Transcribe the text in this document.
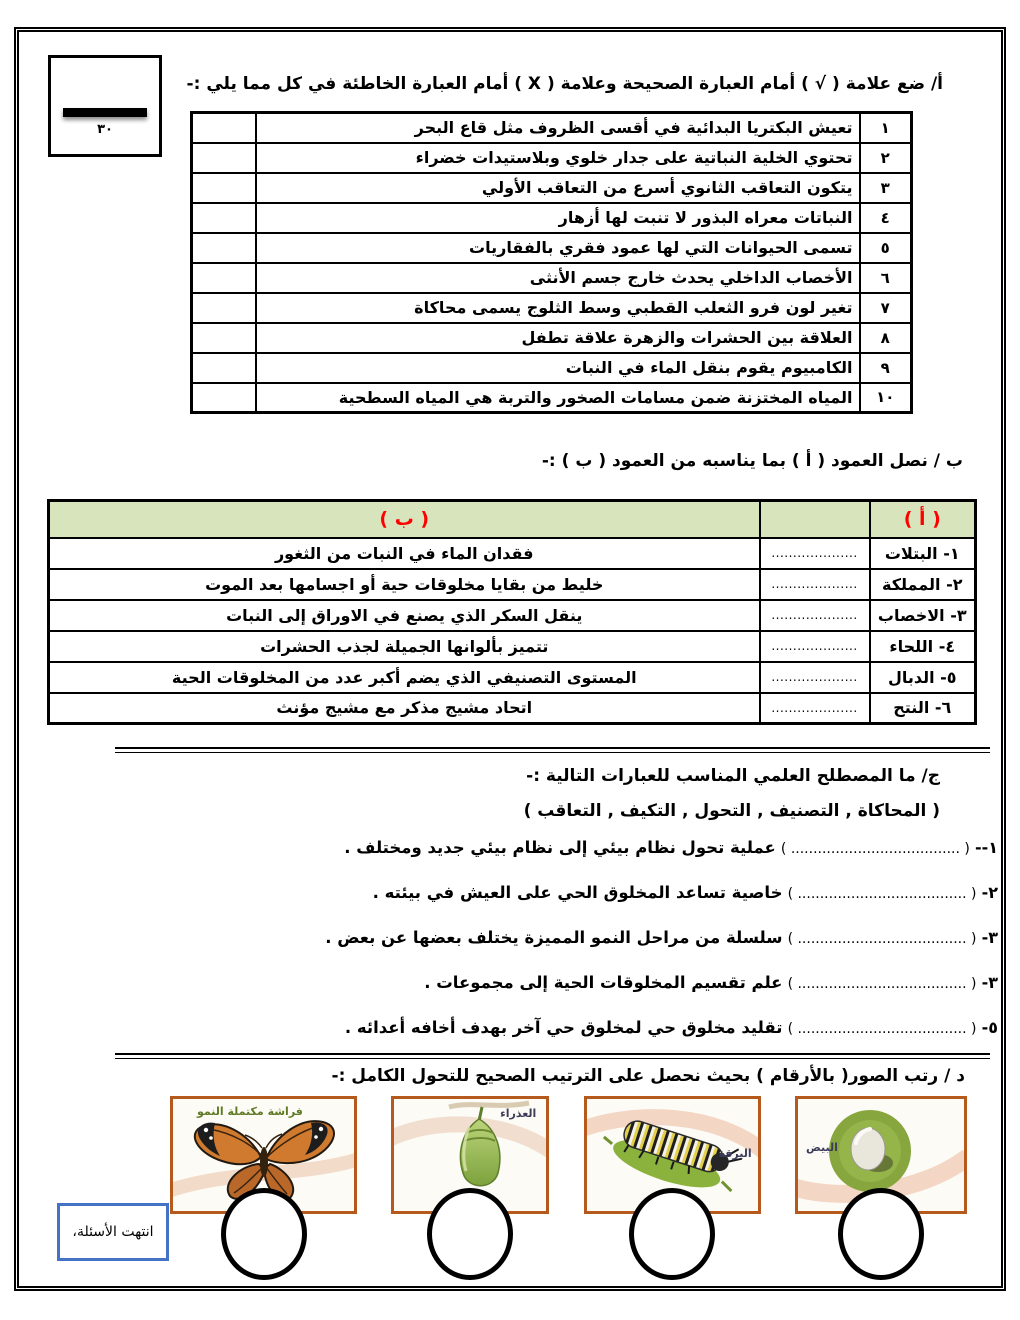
٣٠
أ/ ضع علامة ( √ ) أمام العبارة الصحيحة وعلامة ( X ) أمام العبارة الخاطئة في كل مما يلي :-
١	تعيش البكتريا البدائية في أقسى الظروف مثل قاع البحر	
٢	تحتوي الخلية النباتية على جدار خلوي وبلاستيدات خضراء	
٣	يتكون التعاقب الثانوي أسرع من التعاقب الأولي	
٤	النباتات معراه البذور لا تنبت لها أزهار	
٥	تسمى الحيوانات التي لها عمود فقري بالفقاريات	
٦	الأخصاب الداخلي يحدث خارج جسم الأنثى	
٧	تغير لون فرو الثعلب القطبي وسط الثلوج يسمى محاكاة	
٨	العلاقة بين الحشرات والزهرة علاقة تطفل	
٩	الكامبيوم يقوم بنقل الماء في النبات	
١٠	المياه المختزنة ضمن مسامات الصخور والتربة هي المياه السطحية	
ب / نصل العمود ( أ ) بما يناسبه من العمود ( ب ) :-
( أ )		( ب )
١- البتلات	....................	فقدان الماء في النبات من الثغور
٢- المملكة	....................	خليط من بقايا مخلوقات حية أو اجسامها بعد الموت
٣- الاخصاب	....................	ينقل السكر الذي يصنع في الاوراق إلى النبات
٤- اللحاء	....................	تتميز بألوانها الجميلة لجذب الحشرات
٥- الدبال	....................	المستوى التصنيفي الذي يضم أكبر عدد من المخلوقات الحية
٦- النتح	....................	اتحاد مشيج مذكر مع مشيج مؤنث
ج/ ما المصطلح العلمي المناسب للعبارات التالية :-
( المحاكاة , التصنيف , التحول , التكيف , التعاقب )
١-- ( ...................................... ) عملية تحول نظام بيئي إلى نظام بيئي جديد ومختلف .
٢- ( ...................................... ) خاصية تساعد المخلوق الحي على العيش في بيئته .
٣- ( ...................................... ) سلسلة من مراحل النمو المميزة يختلف بعضها عن بعض .
٣- ( ...................................... ) علم تقسيم المخلوقات الحية إلى مجموعات .
٥- ( ...................................... ) تقليد مخلوق حي لمخلوق حي آخر بهدف أخافه أعدائه .
د / رتب الصور( بالأرقام ) بحيث نحصل على الترتيب الصحيح للتحول الكامل :-
البيض
اليرقة
العذراء
فراشة مكتملة النمو
انتهت الأسئلة،
